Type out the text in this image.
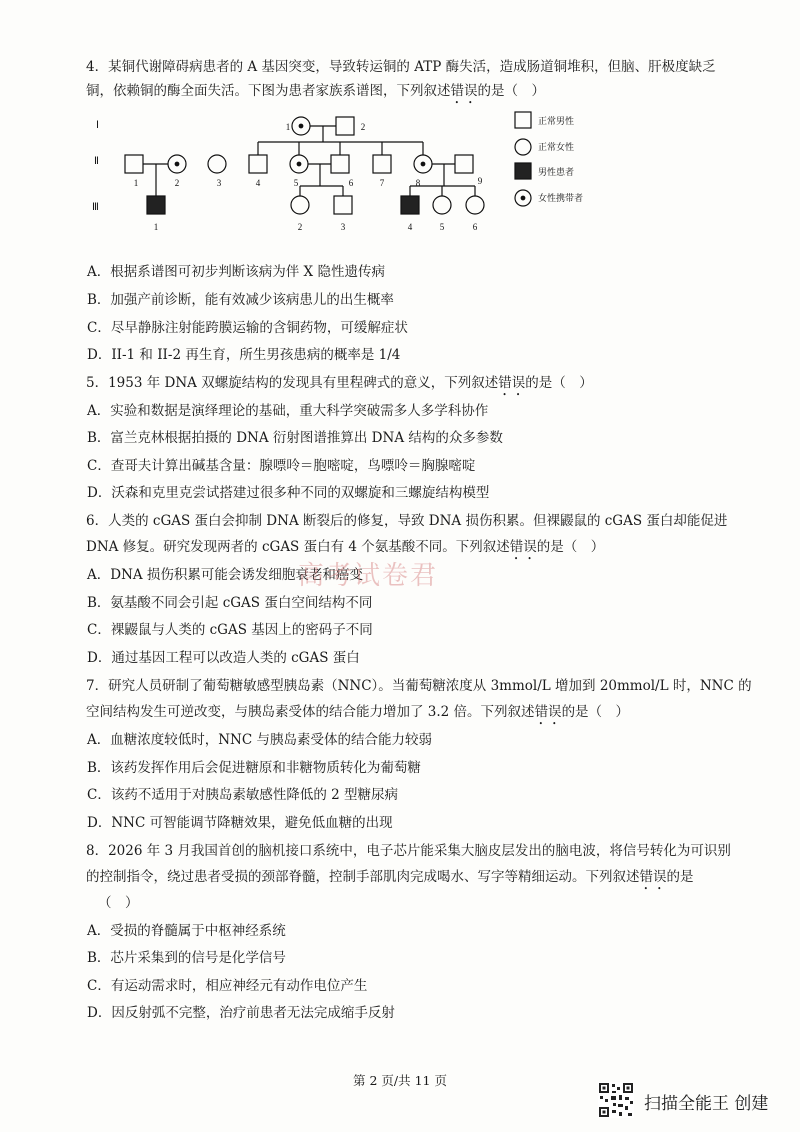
4．某铜代谢障碍病患者的 A 基因突变，导致转运铜的 ATP 酶失活，造成肠道铜堆积，但脑、肝极度缺乏
铜，依赖铜的酶全面失活。下图为患者家族系谱图，下列叙述错误的是（　）
Ⅰ
Ⅱ
Ⅲ
1	2
1	2	3	4	5	6	7	8	9
1	2	3	4	5	6
正常男性
正常女性
男性患者
女性携带者
A．根据系谱图可初步判断该病为伴 X 隐性遗传病
B．加强产前诊断，能有效减少该病患儿的出生概率
C．尽早静脉注射能跨膜运输的含铜药物，可缓解症状
D．II-1 和 II-2 再生育，所生男孩患病的概率是 1/4
5．1953 年 DNA 双螺旋结构的发现具有里程碑式的意义，下列叙述错误的是（　）
A．实验和数据是演绎理论的基础，重大科学突破需多人多学科协作
B．富兰克林根据拍摄的 DNA 衍射图谱推算出 DNA 结构的众多参数
C．查哥夫计算出碱基含量：腺嘌呤＝胞嘧啶，鸟嘌呤＝胸腺嘧啶
D．沃森和克里克尝试搭建过很多种不同的双螺旋和三螺旋结构模型
6．人类的 cGAS 蛋白会抑制 DNA 断裂后的修复，导致 DNA 损伤积累。但裸鼹鼠的 cGAS 蛋白却能促进
DNA 修复。研究发现两者的 cGAS 蛋白有 4 个氨基酸不同。下列叙述错误的是（　）
A．DNA 损伤积累可能会诱发细胞衰老和癌变
B．氨基酸不同会引起 cGAS 蛋白空间结构不同
C．裸鼹鼠与人类的 cGAS 基因上的密码子不同
D．通过基因工程可以改造人类的 cGAS 蛋白
高考试卷君
7．研究人员研制了葡萄糖敏感型胰岛素（NNC）。当葡萄糖浓度从 3mmol/L 增加到 20mmol/L 时，NNC 的
空间结构发生可逆改变，与胰岛素受体的结合能力增加了 3.2 倍。下列叙述错误的是（　）
A．血糖浓度较低时，NNC 与胰岛素受体的结合能力较弱
B．该药发挥作用后会促进糖原和非糖物质转化为葡萄糖
C．该药不适用于对胰岛素敏感性降低的 2 型糖尿病
D．NNC 可智能调节降糖效果，避免低血糖的出现
8．2026 年 3 月我国首创的脑机接口系统中，电子芯片能采集大脑皮层发出的脑电波，将信号转化为可识别
的控制指令，绕过患者受损的颈部脊髓，控制手部肌肉完成喝水、写字等精细运动。下列叙述错误的是
（　）
A．受损的脊髓属于中枢神经系统
B．芯片采集到的信号是化学信号
C．有运动需求时，相应神经元有动作电位产生
D．因反射弧不完整，治疗前患者无法完成缩手反射
第 2 页/共 11 页
扫描全能王 创建
